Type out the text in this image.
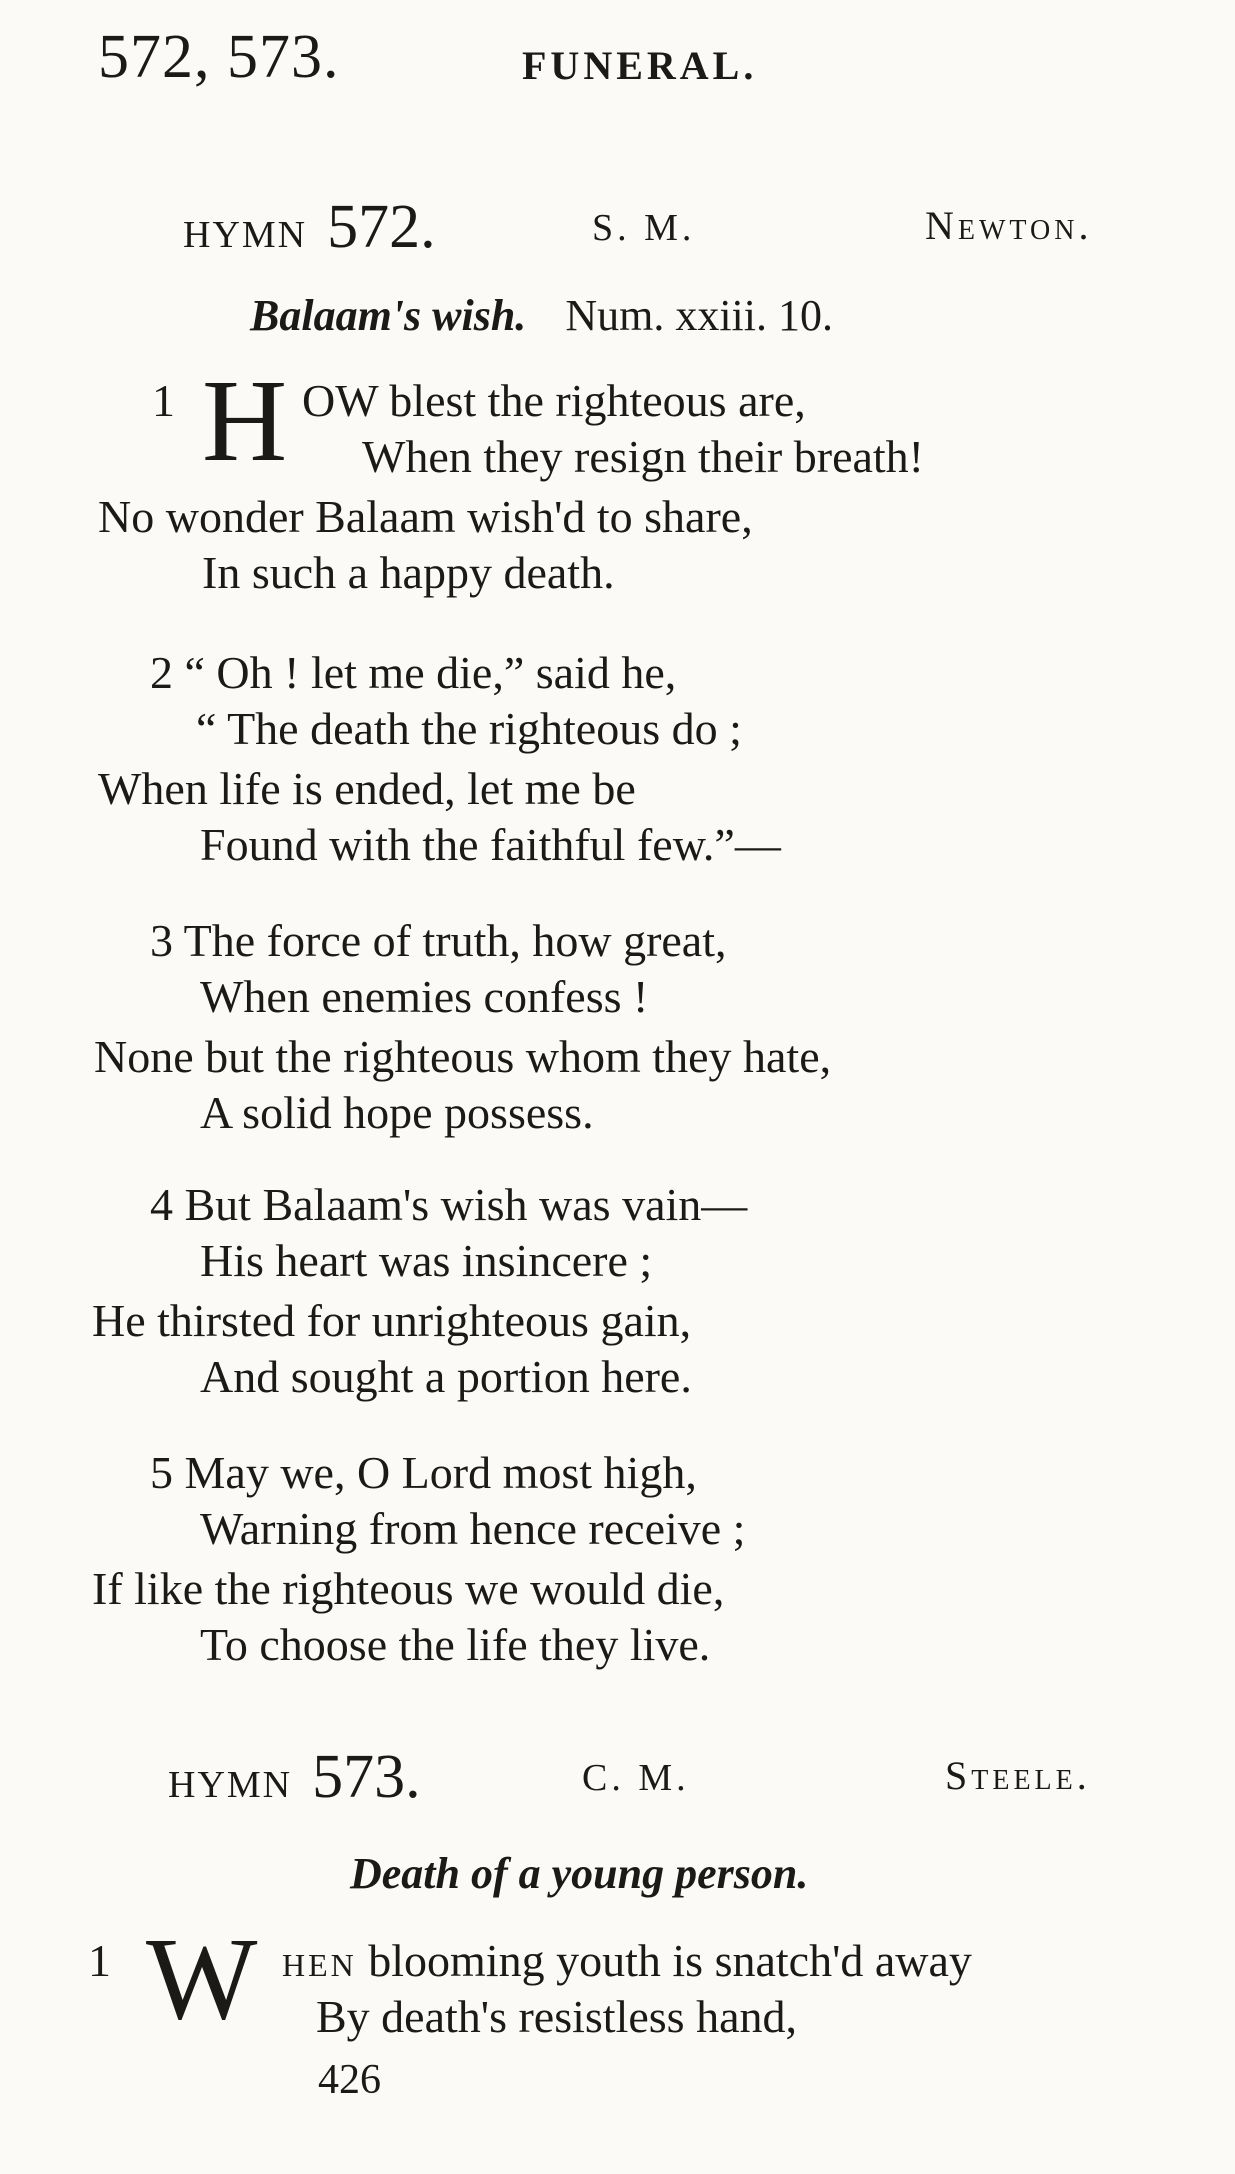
572, 573.	FUNERAL.
HYMN 572.	S. M.	Newton.
Balaam's wish. Num. xxiii. 10.
1 H OW blest the righteous are,
When they resign their breath!
No wonder Balaam wish'd to share,
In such a happy death.
2 “ Oh ! let me die,” said he,
“ The death the righteous do ;
When life is ended, let me be
Found with the faithful few.”—
3 The force of truth, how great,
When enemies confess !
None but the righteous whom they hate,
A solid hope possess.
4 But Balaam's wish was vain—
His heart was insincere ;
He thirsted for unrighteous gain,
And sought a portion here.
5 May we, O Lord most high,
Warning from hence receive ;
If like the righteous we would die,
To choose the life they live.
HYMN 573.	C. M.	Steele.
Death of a young person.
1 W HEN blooming youth is snatch'd away
By death's resistless hand,
426
